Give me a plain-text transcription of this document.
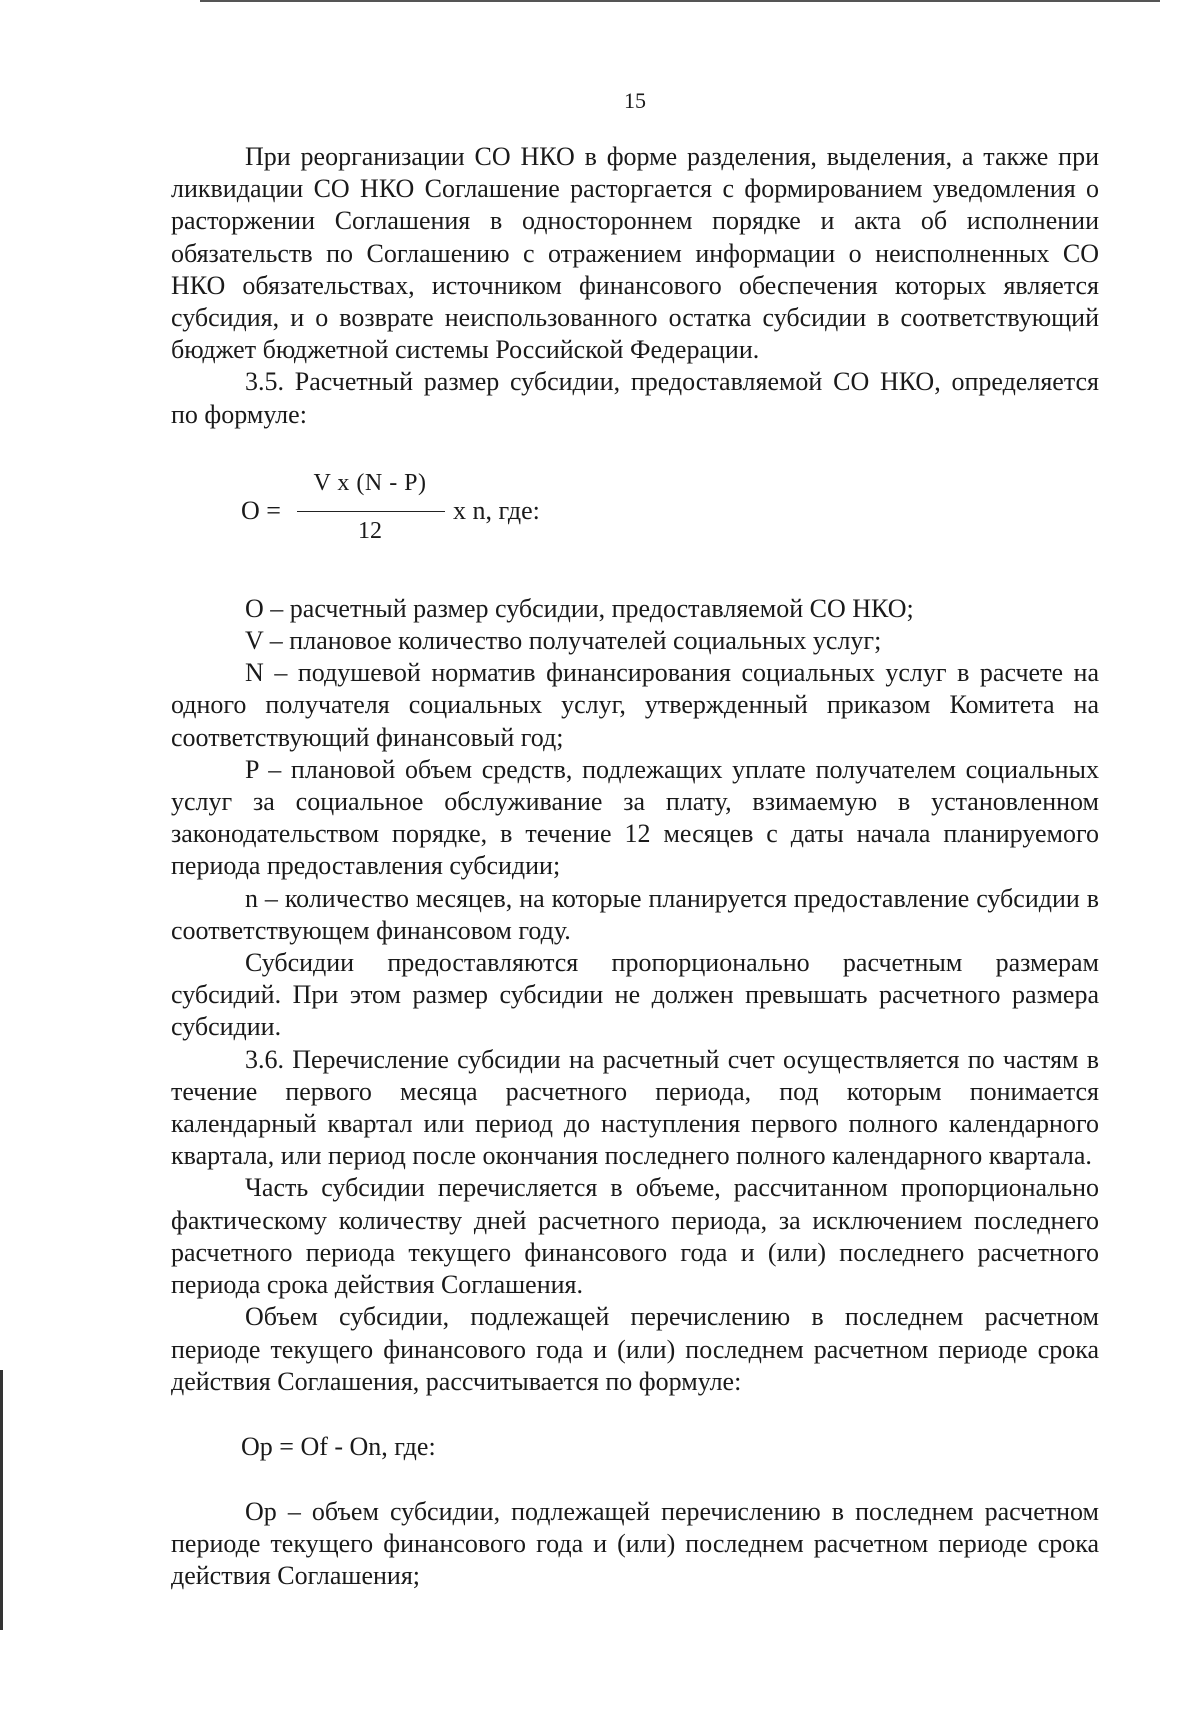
15

При реорганизации СО НКО в форме разделения, выделения, а также при ликвидации СО НКО Соглашение расторгается с формированием уведомления о расторжении Соглашения в одностороннем порядке и акта об исполнении обязательств по Соглашению с отражением информации о неисполненных СО НКО обязательствах, источником финансового обеспечения которых является субсидия, и о возврате неиспользованного остатка субсидии в соответствующий бюджет бюджетной системы Российской Федерации.

3.5. Расчетный размер субсидии, предоставляемой СО НКО, определяется по формуле:

O =
V x (N - P)
12
x n, где:

O – расчетный размер субсидии, предоставляемой СО НКО;

V – плановое количество получателей социальных услуг;

N – подушевой норматив финансирования социальных услуг в расчете на одного получателя социальных услуг, утвержденный приказом Комитета на соответствующий финансовый год;

P – плановой объем средств, подлежащих уплате получателем социальных услуг за социальное обслуживание за плату, взимаемую в установленном законодательством порядке, в течение 12 месяцев с даты начала планируемого периода предоставления субсидии;

n – количество месяцев, на которые планируется предоставление субсидии в соответствующем финансовом году.

Субсидии предоставляются пропорционально расчетным размерам субсидий. При этом размер субсидии не должен превышать расчетного размера субсидии.

3.6. Перечисление субсидии на расчетный счет осуществляется по частям в течение первого месяца расчетного периода, под которым понимается календарный квартал или период до наступления первого полного календарного квартала, или период после окончания последнего полного календарного квартала.

Часть субсидии перечисляется в объеме, рассчитанном пропорционально фактическому количеству дней расчетного периода, за исключением последнего расчетного периода текущего финансового года и (или) последнего расчетного периода срока действия Соглашения.

Объем субсидии, подлежащей перечислению в последнем расчетном периоде текущего финансового года и (или) последнем расчетном периоде срока действия Соглашения, рассчитывается по формуле:

Op = Of - On, где:

Op – объем субсидии, подлежащей перечислению в последнем расчетном периоде текущего финансового года и (или) последнем расчетном периоде срока действия Соглашения;
